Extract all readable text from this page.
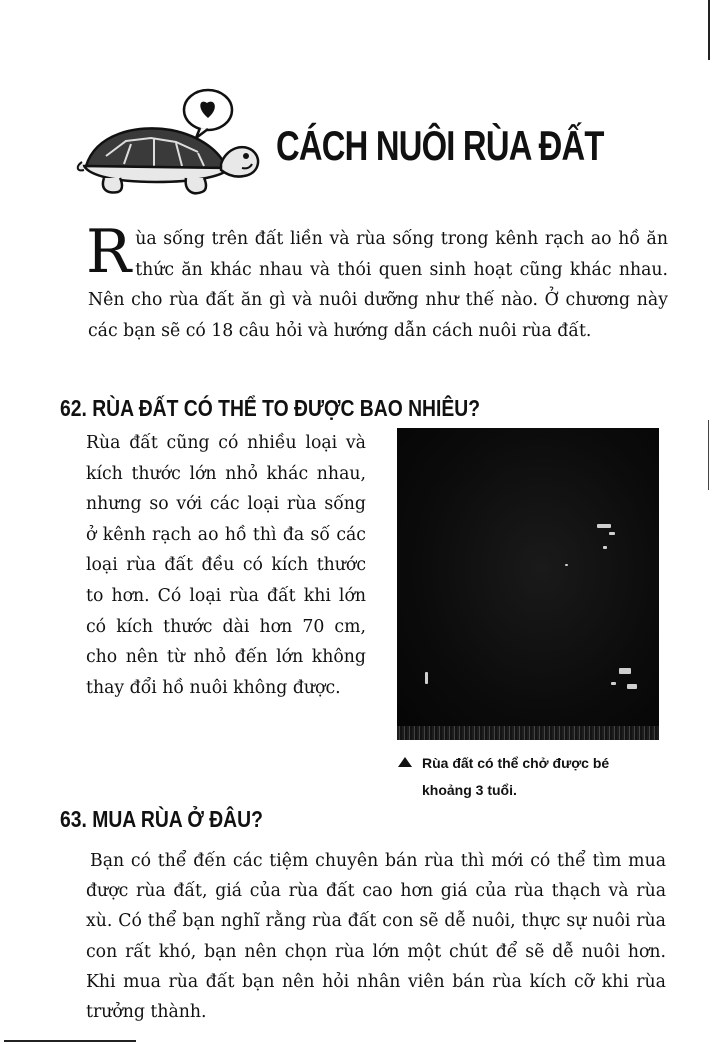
CÁCH NUÔI RÙA ĐẤT
R ùa sống trên đất liền và rùa sống trong kênh rạch ao hồ ăn thức ăn khác nhau và thói quen sinh hoạt cũng khác nhau. Nên cho rùa đất ăn gì và nuôi dưỡng như thế nào. Ở chương này các bạn sẽ có 18 câu hỏi và hướng dẫn cách nuôi rùa đất.
62. RÙA ĐẤT CÓ THỂ TO ĐƯỢC BAO NHIÊU?
Rùa đất cũng có nhiều loại và kích thước lớn nhỏ khác nhau, nhưng so với các loại rùa sống ở kênh rạch ao hồ thì đa số các loại rùa đất đều có kích thước to hơn. Có loại rùa đất khi lớn có kích thước dài hơn 70 cm, cho nên từ nhỏ đến lớn không thay đổi hồ nuôi không được.
Rùa đất có thể chở được bé
khoảng 3 tuổi.
63. MUA RÙA Ở ĐÂU?
Bạn có thể đến các tiệm chuyên bán rùa thì mới có thể tìm mua được rùa đất, giá của rùa đất cao hơn giá của rùa thạch và rùa xù. Có thể bạn nghĩ rằng rùa đất con sẽ dễ nuôi, thực sự nuôi rùa con rất khó, bạn nên chọn rùa lớn một chút để sẽ dễ nuôi hơn. Khi mua rùa đất bạn nên hỏi nhân viên bán rùa kích cỡ khi rùa trưởng thành.
